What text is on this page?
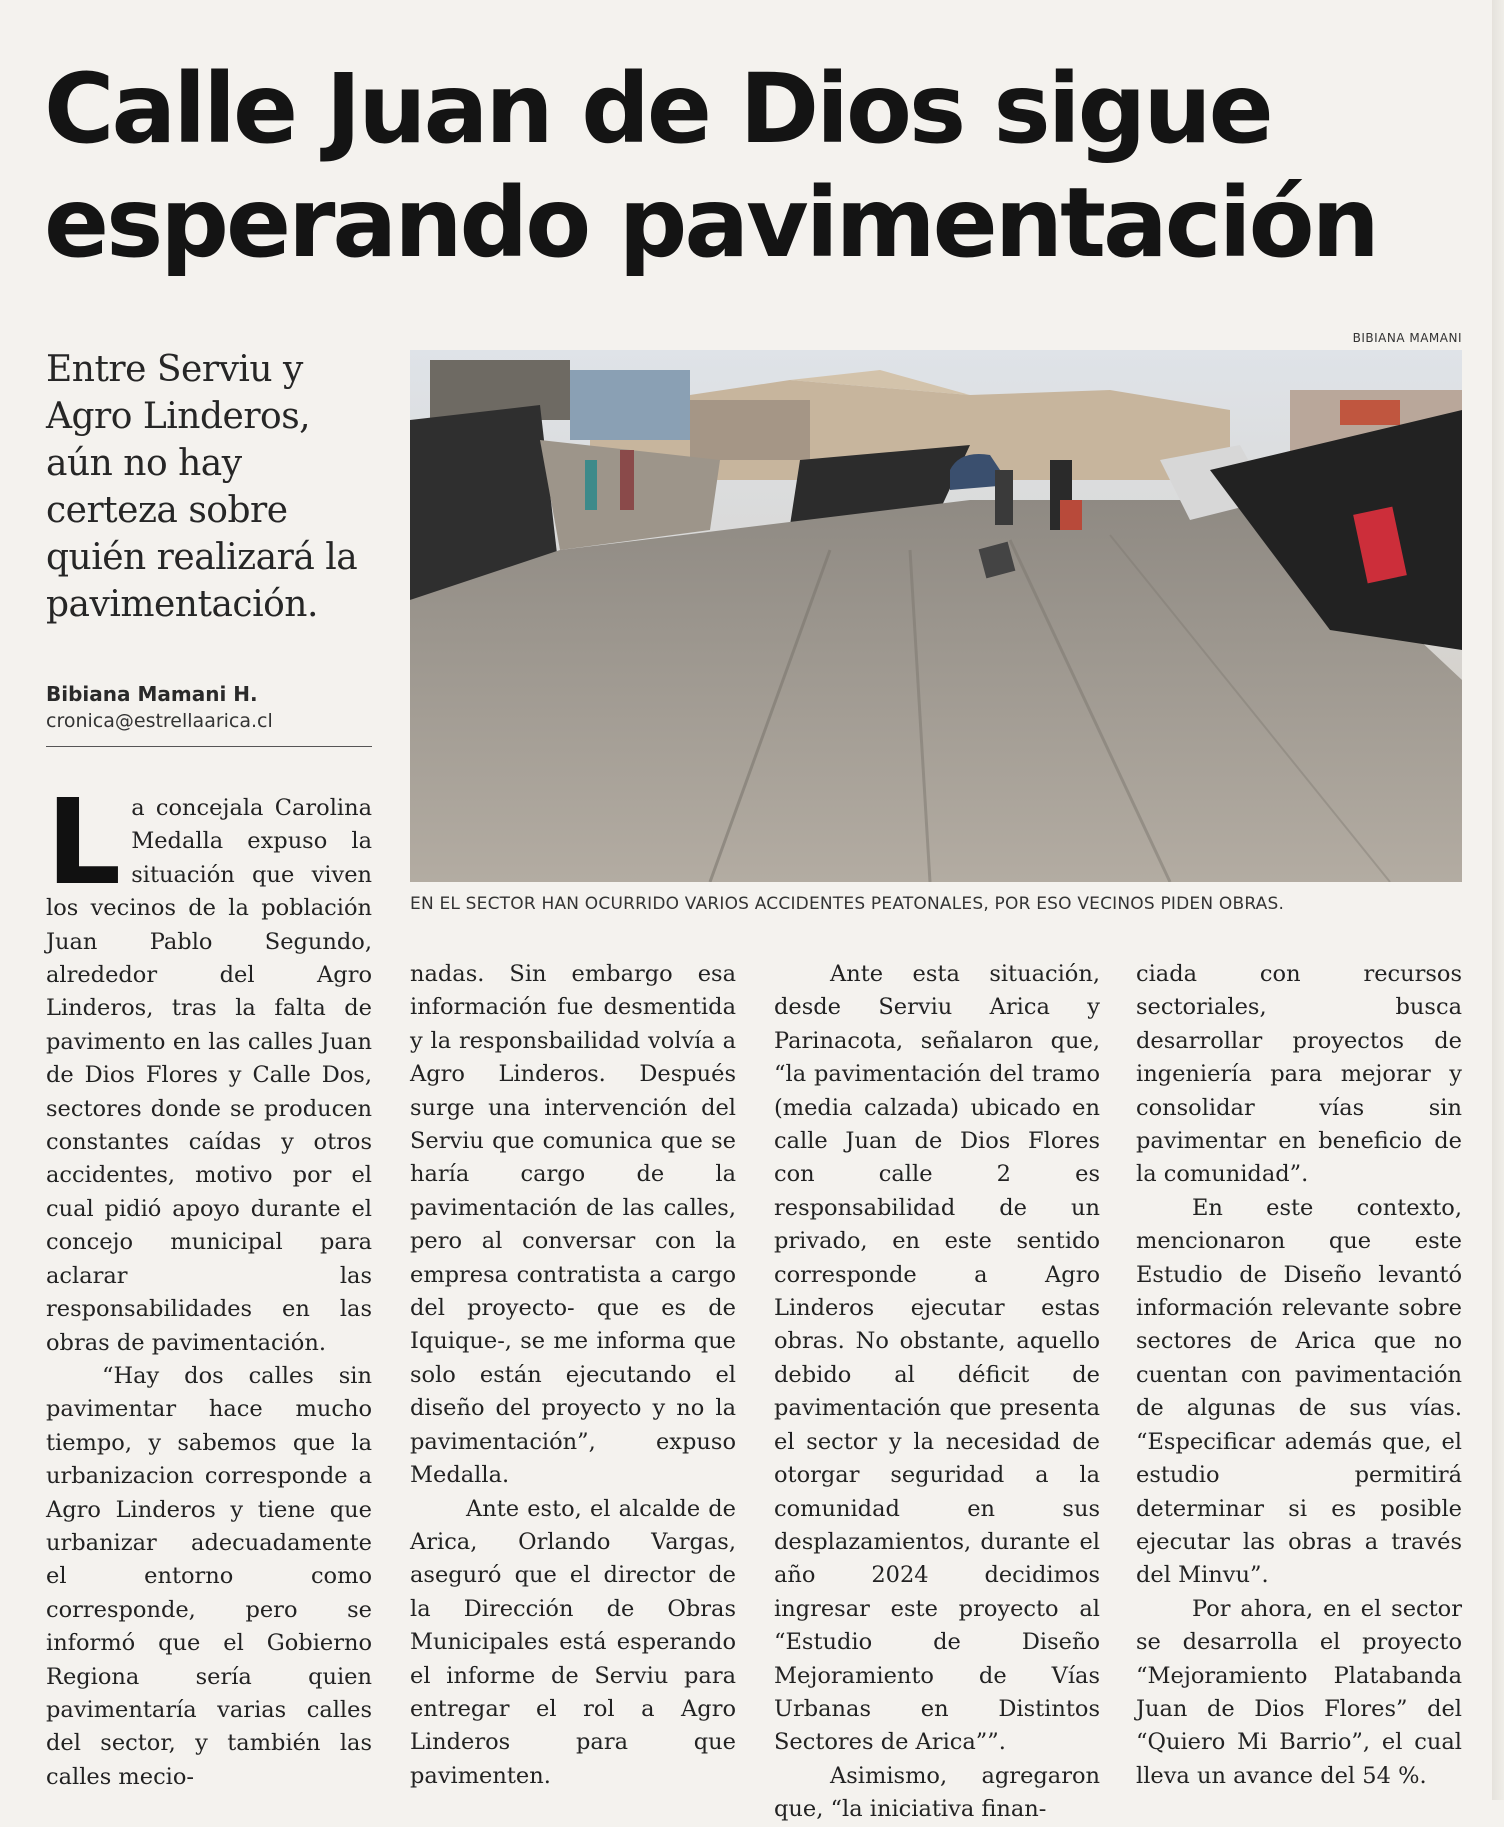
Calle Juan de Dios sigue
esperando pavimentación

Entre Serviu y Agro Linderos, aún no hay certeza sobre quién realizará la pavimentación.

Bibiana Mamani H.
cronica@estrellaarica.cl
BIBIANA MAMANI
EN EL SECTOR HAN OCURRIDO VARIOS ACCIDENTES PEATONALES, POR ESO VECINOS PIDEN OBRAS.
L a concejala Carolina Medalla expuso la situación que viven los vecinos de la población Juan Pablo Segundo, alrededor del Agro Linderos, tras la falta de pavimento en las calles Juan de Dios Flores y Calle Dos, sectores donde se producen constantes caídas y otros accidentes, motivo por el cual pidió apoyo durante el concejo municipal para aclarar las responsabilidades en las obras de pavimentación.

“Hay dos calles sin pavimentar hace mucho tiempo, y sabemos que la urbanizacion corresponde a Agro Linderos y tiene que urbanizar adecuadamente el entorno como corresponde, pero se informó que el Gobierno Regiona sería quien pavimentaría varias calles del sector, y también las calles mecio-

nadas. Sin embargo esa información fue desmentida y la responsbailidad volvía a Agro Linderos. Después surge una intervención del Serviu que comunica que se haría cargo de la pavimentación de las calles, pero al conversar con la empresa contratista a cargo del proyecto- que es de Iquique-, se me informa que solo están ejecutando el diseño del proyecto y no la pavimentación”, expuso Medalla.

Ante esto, el alcalde de Arica, Orlando Vargas, aseguró que el director de la Dirección de Obras Municipales está esperando el informe de Serviu para entregar el rol a Agro Linderos para que pavimenten.

Ante esta situación, desde Serviu Arica y Parinacota, señalaron que, “la pavimentación del tramo (media calzada) ubicado en calle Juan de Dios Flores con calle 2 es responsabilidad de un privado, en este sentido corresponde a Agro Linderos ejecutar estas obras. No obstante, aquello debido al déficit de pavimentación que presenta el sector y la necesidad de otorgar seguridad a la comunidad en sus desplazamientos, durante el año 2024 decidimos ingresar este proyecto al “Estudio de Diseño Mejoramiento de Vías Urbanas en Distintos Sectores de Arica””.

Asimismo, agregaron que, “la iniciativa finan-

ciada con recursos sectoriales, busca desarrollar proyectos de ingeniería para mejorar y consolidar vías sin pavimentar en beneficio de la comunidad”.

En este contexto, mencionaron que este Estudio de Diseño levantó información relevante sobre sectores de Arica que no cuentan con pavimentación de algunas de sus vías. “Especificar además que, el estudio permitirá determinar si es posible ejecutar las obras a través del Minvu”.

Por ahora, en el sector se desarrolla el proyecto “Mejoramiento Platabanda Juan de Dios Flores” del “Quiero Mi Barrio”, el cual lleva un avance del 54 %.
